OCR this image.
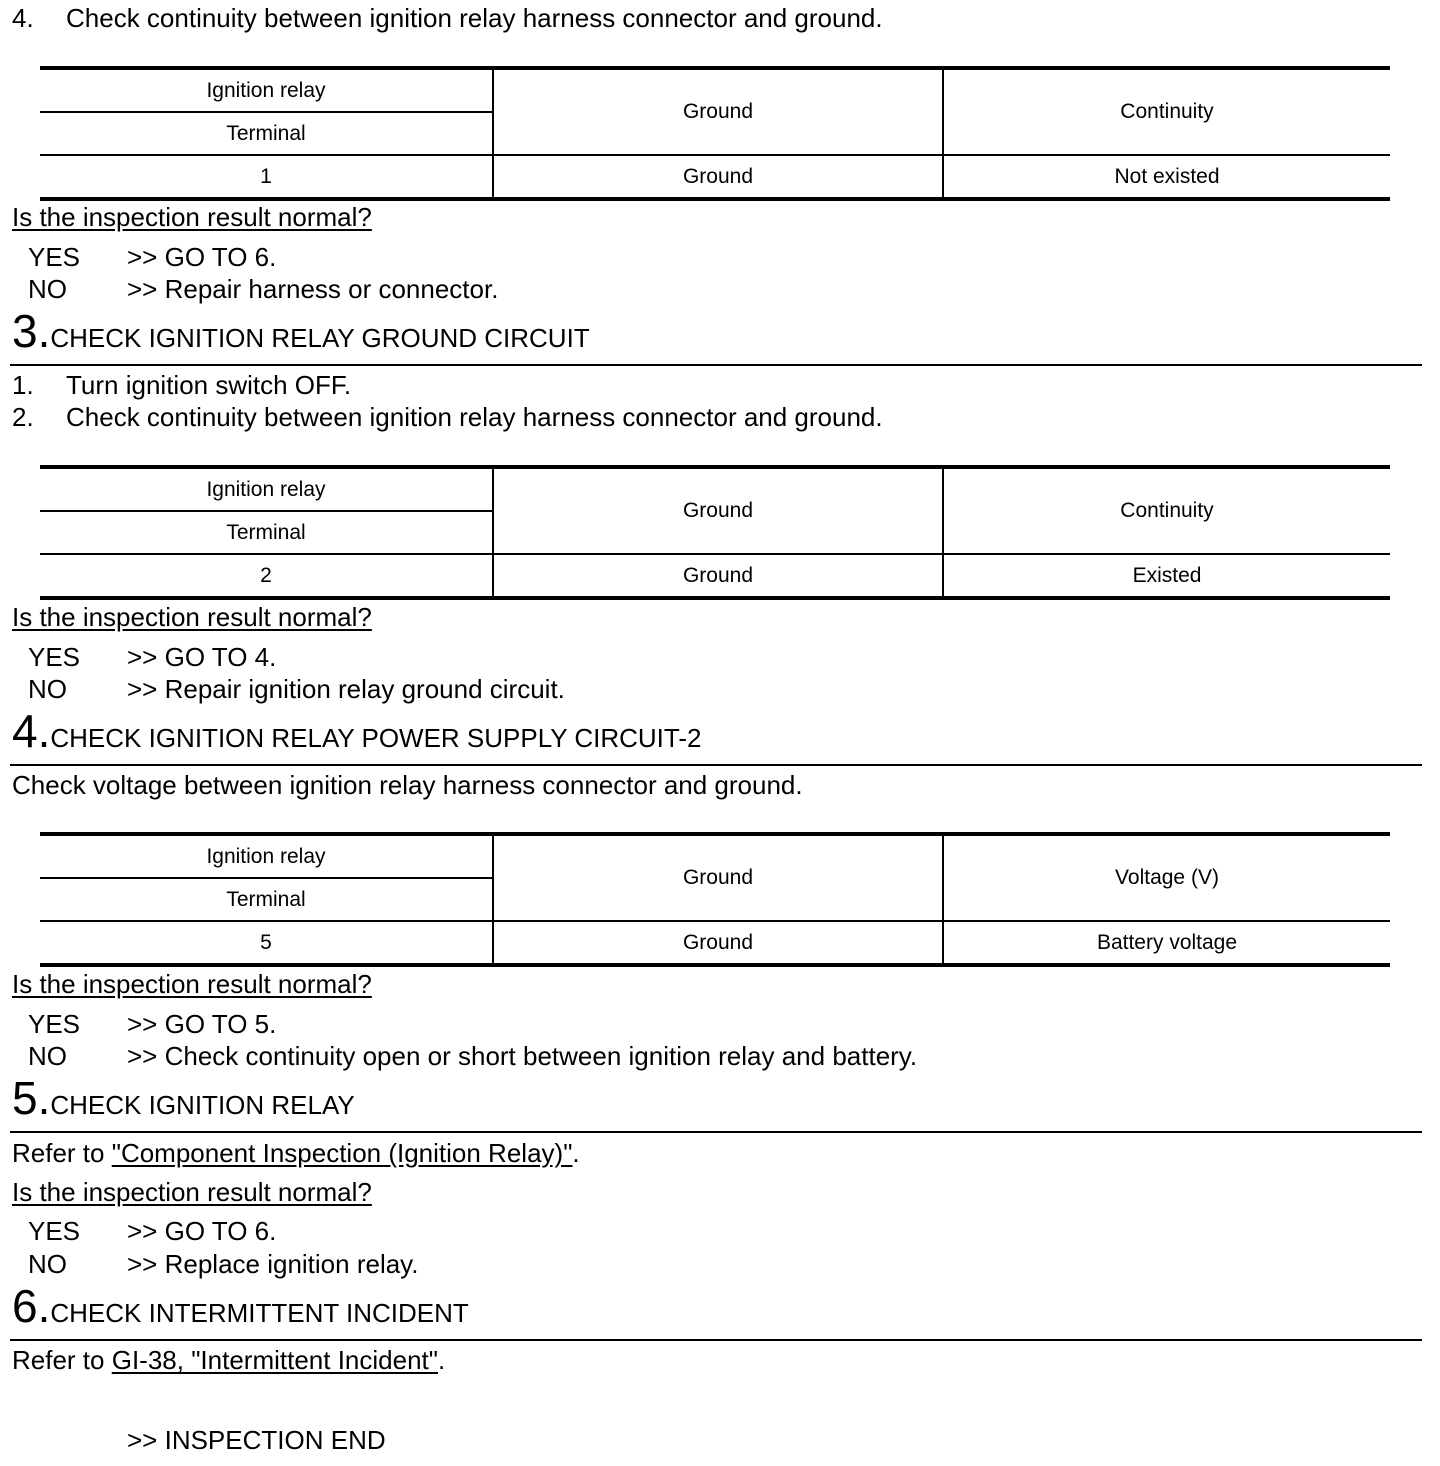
4. Check continuity between ignition relay harness connector and ground.
Ignition relay	Ground	Continuity
Terminal		
1	Ground	Not existed
Is the inspection result normal?
YES >> GO TO 6.
NO >> Repair harness or connector.
3.CHECK IGNITION RELAY GROUND CIRCUIT
1. Turn ignition switch OFF.
2. Check continuity between ignition relay harness connector and ground.
Ignition relay	Ground	Continuity
Terminal		
2	Ground	Existed
Is the inspection result normal?
YES >> GO TO 4.
NO >> Repair ignition relay ground circuit.
4.CHECK IGNITION RELAY POWER SUPPLY CIRCUIT-2
Check voltage between ignition relay harness connector and ground.
Ignition relay	Ground	Voltage (V)
Terminal		
5	Ground	Battery voltage
Is the inspection result normal?
YES >> GO TO 5.
NO >> Check continuity open or short between ignition relay and battery.
5.CHECK IGNITION RELAY
Refer to "Component Inspection (Ignition Relay)".
Is the inspection result normal?
YES >> GO TO 6.
NO >> Replace ignition relay.
6.CHECK INTERMITTENT INCIDENT
Refer to GI-38, "Intermittent Incident".
>> INSPECTION END
